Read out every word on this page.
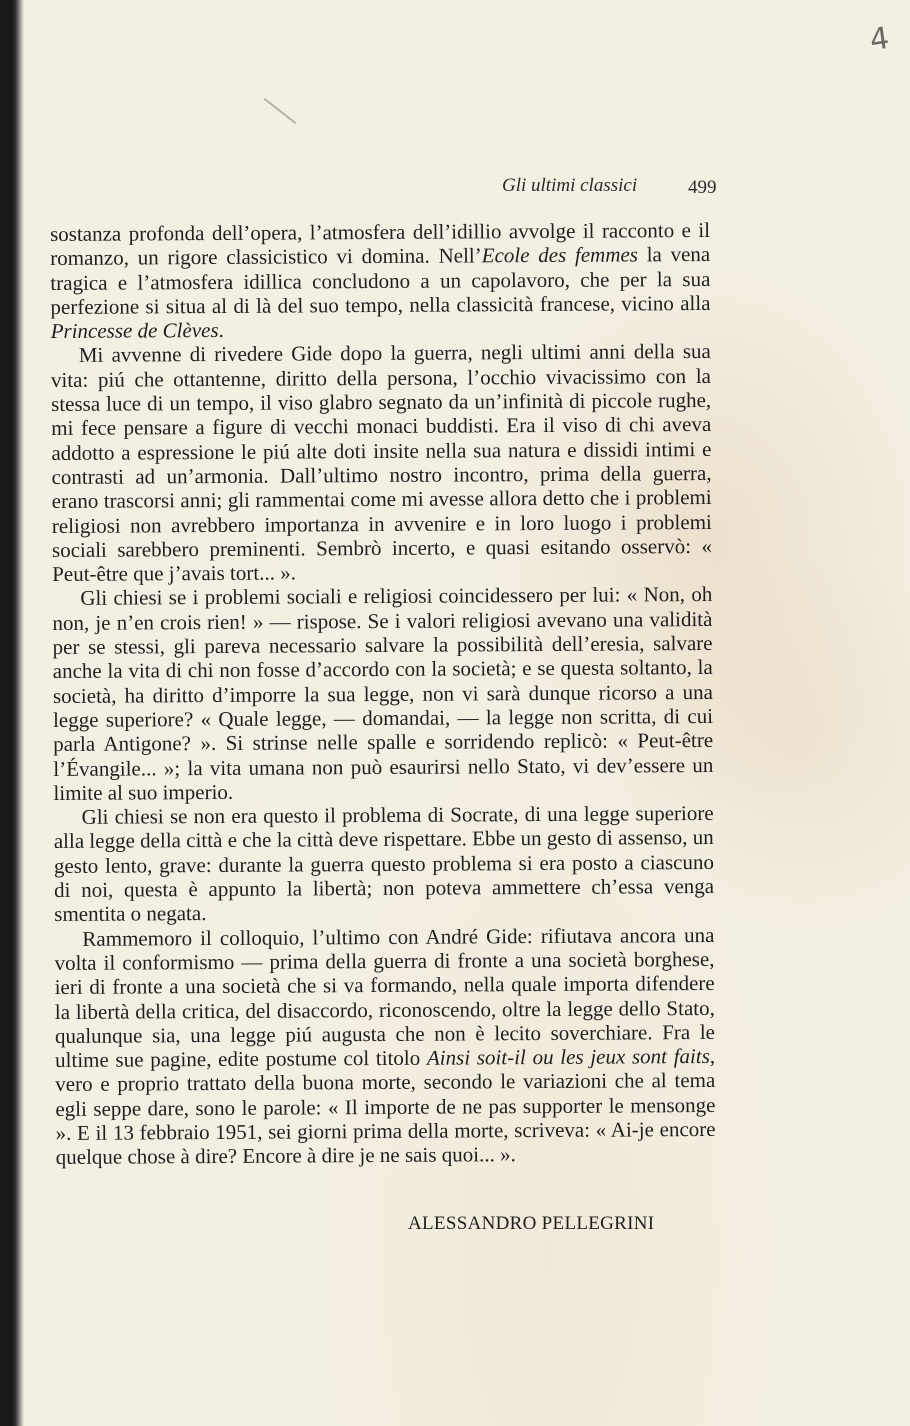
4
Gli ultimi classici	499

sostanza profonda dell’opera, l’atmosfera dell’idillio avvolge il racconto e il romanzo, un rigore classicistico vi domina. Nell’Ecole des femmes la vena tragica e l’atmosfera idillica concludono a un capolavoro, che per la sua perfezione si situa al di là del suo tempo, nella classicità francese, vicino alla Princesse de Clèves.

Mi avvenne di rivedere Gide dopo la guerra, negli ultimi anni della sua vita: piú che ottantenne, diritto della persona, l’occhio vivacissimo con la stessa luce di un tempo, il viso glabro segnato da un’infinità di piccole rughe, mi fece pensare a figure di vecchi monaci buddisti. Era il viso di chi aveva addotto a espressione le piú alte doti insite nella sua natura e dissidi intimi e contrasti ad un’armonia. Dall’ultimo nostro incontro, prima della guerra, erano trascorsi anni; gli rammentai come mi avesse allora detto che i problemi religiosi non avrebbero importanza in avvenire e in loro luogo i problemi sociali sarebbero preminenti. Sembrò incerto, e quasi esitando osservò: « Peut-être que j’avais tort... ».

Gli chiesi se i problemi sociali e religiosi coincidessero per lui: « Non, oh non, je n’en crois rien! » — rispose. Se i valori religiosi avevano una validità per se stessi, gli pareva necessario salvare la possibilità dell’eresia, salvare anche la vita di chi non fosse d’accordo con la società; e se questa soltanto, la società, ha diritto d’imporre la sua legge, non vi sarà dunque ricorso a una legge superiore? « Quale legge, — domandai, — la legge non scritta, di cui parla Antigone? ». Si strinse nelle spalle e sorridendo replicò: « Peut-être l’Évangile... »; la vita umana non può esaurirsi nello Stato, vi dev’essere un limite al suo imperio.

Gli chiesi se non era questo il problema di Socrate, di una legge superiore alla legge della città e che la città deve rispettare. Ebbe un gesto di assenso, un gesto lento, grave: durante la guerra questo problema si era posto a ciascuno di noi, questa è appunto la libertà; non poteva ammettere ch’essa venga smentita o negata.

Rammemoro il colloquio, l’ultimo con André Gide: rifiutava ancora una volta il conformismo — prima della guerra di fronte a una società borghese, ieri di fronte a una società che si va formando, nella quale importa difendere la libertà della critica, del disaccordo, riconoscendo, oltre la legge dello Stato, qualunque sia, una legge piú augusta che non è lecito soverchiare. Fra le ultime sue pagine, edite postume col titolo Ainsi soit-il ou les jeux sont faits, vero e proprio trattato della buona morte, secondo le variazioni che al tema egli seppe dare, sono le parole: « Il importe de ne pas supporter le mensonge ». E il 13 febbraio 1951, sei giorni prima della morte, scriveva: « Ai-je encore quelque chose à dire? Encore à dire je ne sais quoi... ».

ALESSANDRO PELLEGRINI
